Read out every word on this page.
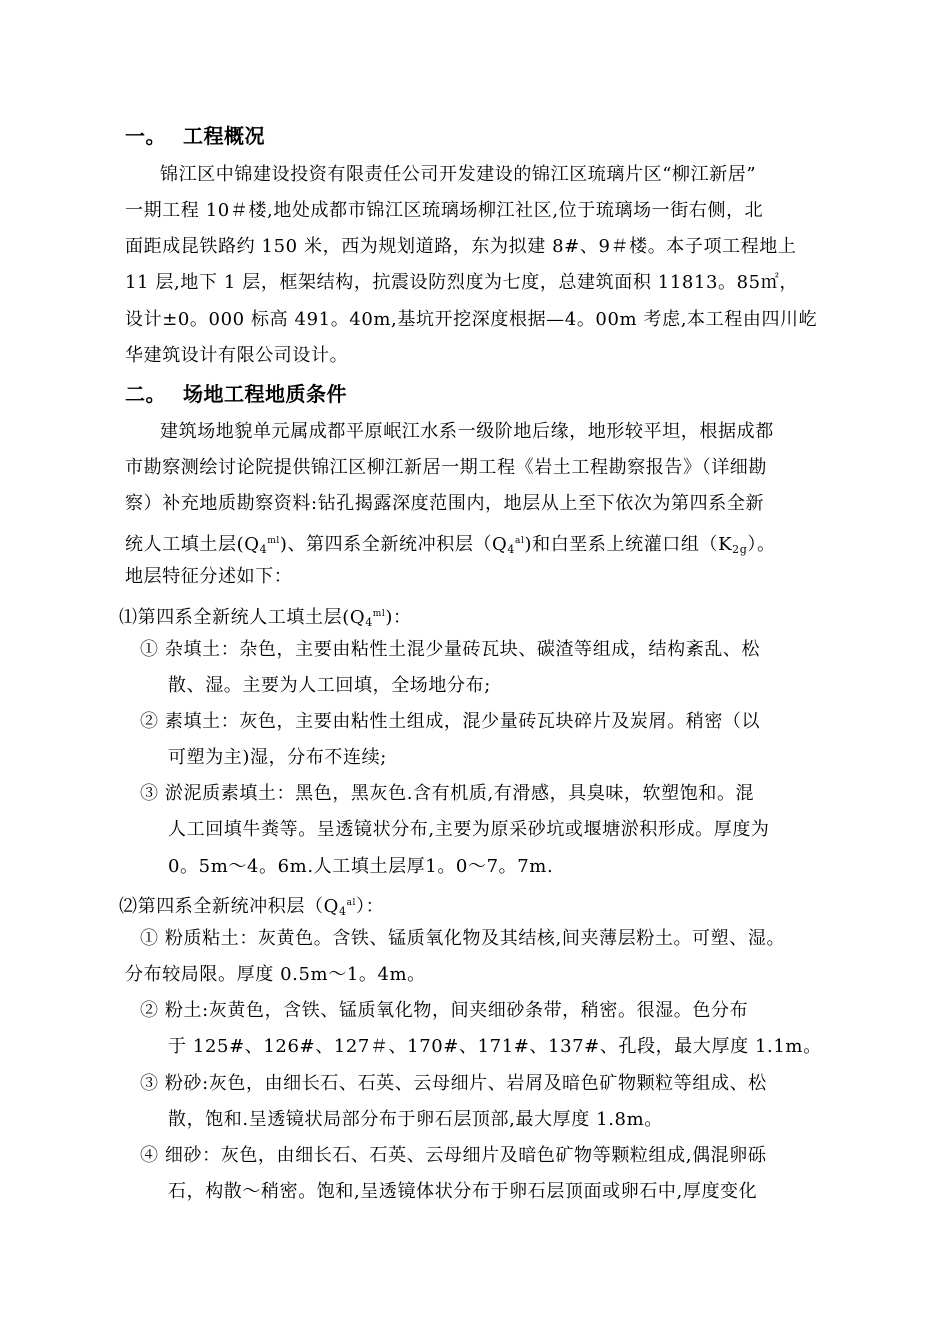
一。 工程概况
锦江区中锦建设投资有限责任公司开发建设的锦江区琉璃片区“柳江新居”
一期工程 10＃楼,地处成都市锦江区琉璃场柳江社区,位于琉璃场一街右侧，北
面距成昆铁路约 150 米，西为规划道路，东为拟建 8#、9＃楼。本子项工程地上
11 层,地下 1 层，框架结构，抗震设防烈度为七度，总建筑面积 11813。85㎡，
设计±0。000 标高 491。40m,基坑开挖深度根据—4。00m 考虑,本工程由四川屹
华建筑设计有限公司设计。
二。 场地工程地质条件
建筑场地貌单元属成都平原岷江水系一级阶地后缘，地形较平坦，根据成都
市勘察测绘讨论院提供锦江区柳江新居一期工程《岩土工程勘察报告》（详细勘
察）补充地质勘察资料:钻孔揭露深度范围内，地层从上至下依次为第四系全新
统人工填土层$(Q_4^{ml})$、第四系全新统冲积层$(Q_4^{al})$和白垩系上统灌口组$(K_{2g})$。
地层特征分述如下：
⑴第四系全新统人工填土层$(Q_4^{ml})$：
① 杂填土：杂色，主要由粘性土混少量砖瓦块、碳渣等组成，结构紊乱、松
散、湿。主要为人工回填，全场地分布;
② 素填土：灰色，主要由粘性土组成，混少量砖瓦块碎片及炭屑。稍密（以
可塑为主)湿，分布不连续;
③ 淤泥质素填土：黑色，黑灰色.含有机质,有滑感，具臭味，软塑饱和。混
人工回填牛粪等。呈透镜状分布,主要为原采砂坑或堰塘淤积形成。厚度为
0。5m～4。6m.人工填土层厚1。0～7。7m.
⑵第四系全新统冲积层$(Q_4^{al})$：
① 粉质粘土：灰黄色。含铁、锰质氧化物及其结核,间夹薄层粉土。可塑、湿。
分布较局限。厚度 0.5m～1。4m。
② 粉土:灰黄色，含铁、锰质氧化物，间夹细砂条带，稍密。很湿。色分布
于 125#、126#、127＃、170#、171#、137#、孔段，最大厚度 1.1m。
③ 粉砂:灰色，由细长石、石英、云母细片、岩屑及暗色矿物颗粒等组成、松
散，饱和.呈透镜状局部分布于卵石层顶部,最大厚度 1.8m。
④ 细砂：灰色，由细长石、石英、云母细片及暗色矿物等颗粒组成,偶混卵砾
石，构散～稍密。饱和,呈透镜体状分布于卵石层顶面或卵石中,厚度变化
